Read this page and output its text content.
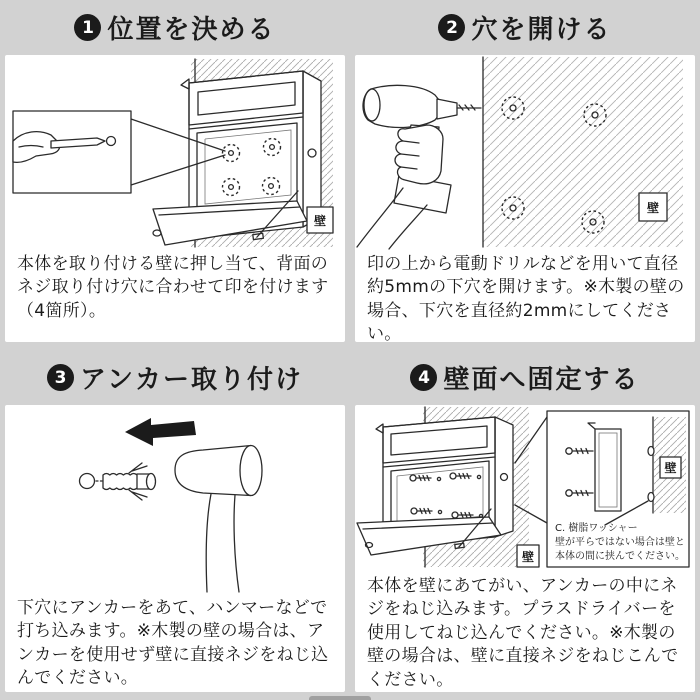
1 位置を決める
壁
本体を取り付ける壁に押し当て、背面のネジ取り付け穴に合わせて印を付けます（4箇所）。
2 穴を開ける
壁
印の上から電動ドリルなどを用いて直径約5mmの下穴を開けます。※木製の壁の場合、下穴を直径約2mmにしてください。
3 アンカー取り付け
下穴にアンカーをあて、ハンマーなどで打ち込みます。※木製の壁の場合は、アンカーを使用せず壁に直接ネジをねじ込んでください。
4 壁面へ固定する
壁
壁
C. 樹脂ワッシャー
壁が平らではない場合は壁と
本体の間に挟んでください。
本体を壁にあてがい、アンカーの中にネジをねじ込みます。プラスドライバーを使用してねじ込んでください。※木製の壁の場合は、壁に直接ネジをねじこんでください。
